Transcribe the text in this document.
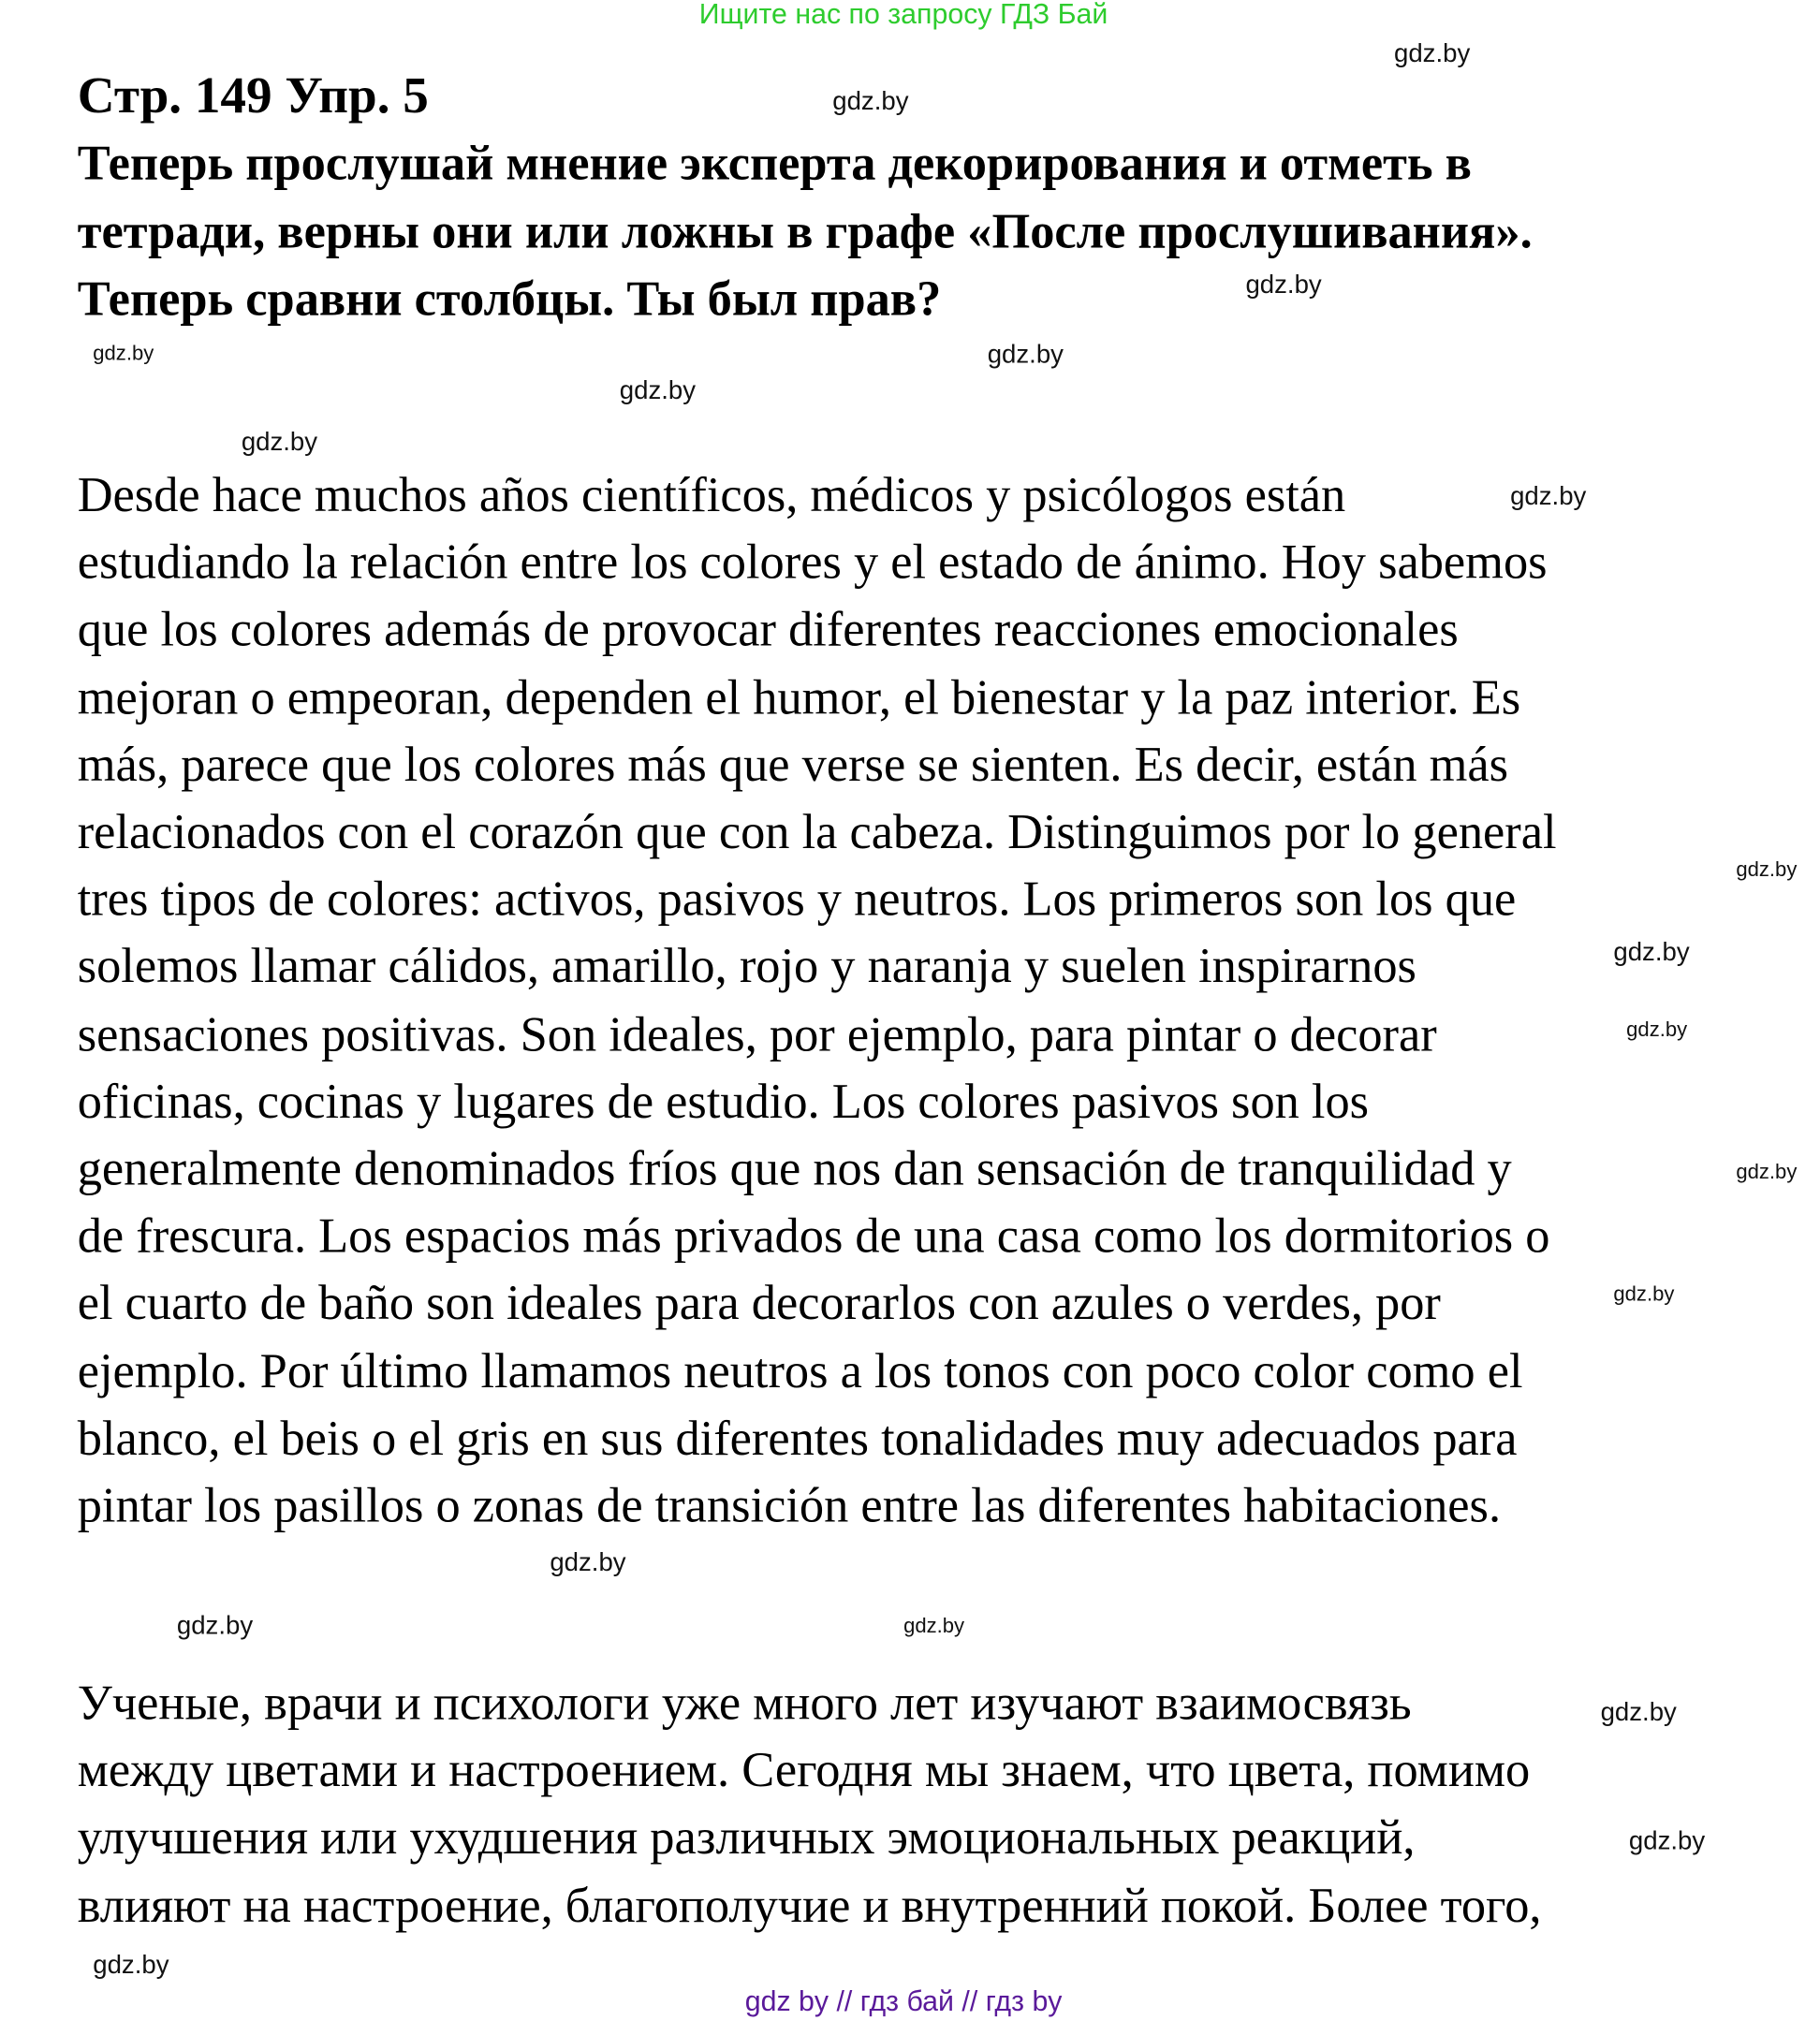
Ищите нас по запросу ГДЗ Бай
Стр. 149 Упр. 5
Теперь прослушай мнение эксперта декорирования и отметь в
тетради, верны они или ложны в графе «После прослушивания».
Теперь сравни столбцы. Ты был прав?
Desde hace muchos años científicos, médicos y psicólogos están
estudiando la relación entre los colores y el estado de ánimo. Hoy sabemos
que los colores además de provocar diferentes reacciones emocionales
mejoran o empeoran, dependen el humor, el bienestar y la paz interior. Es
más, parece que los colores más que verse se sienten. Es decir, están más
relacionados con el corazón que con la cabeza. Distinguimos por lo general
tres tipos de colores: activos, pasivos y neutros. Los primeros son los que
solemos llamar cálidos, amarillo, rojo y naranja y suelen inspirarnos
sensaciones positivas. Son ideales, por ejemplo, para pintar o decorar
oficinas, cocinas y lugares de estudio. Los colores pasivos son los
generalmente denominados fríos que nos dan sensación de tranquilidad y
de frescura. Los espacios más privados de una casa como los dormitorios o
el cuarto de baño son ideales para decorarlos con azules o verdes, por
ejemplo. Por último llamamos neutros a los tonos con poco color como el
blanco, el beis o el gris en sus diferentes tonalidades muy adecuados para
pintar los pasillos o zonas de transición entre las diferentes habitaciones.
Ученые, врачи и психологи уже много лет изучают взаимосвязь
между цветами и настроением. Сегодня мы знаем, что цвета, помимо
улучшения или ухудшения различных эмоциональных реакций,
влияют на настроение, благополучие и внутренний покой. Более того,
gdz.by
gdz.by
gdz.by
gdz.by
gdz.by
gdz.by
gdz.by
gdz.by
gdz.by
gdz.by
gdz.by
gdz.by
gdz.by
gdz.by
gdz.by
gdz.by
gdz.by
gdz.by
gdz.by
gdz by // гдз бай // гдз by
